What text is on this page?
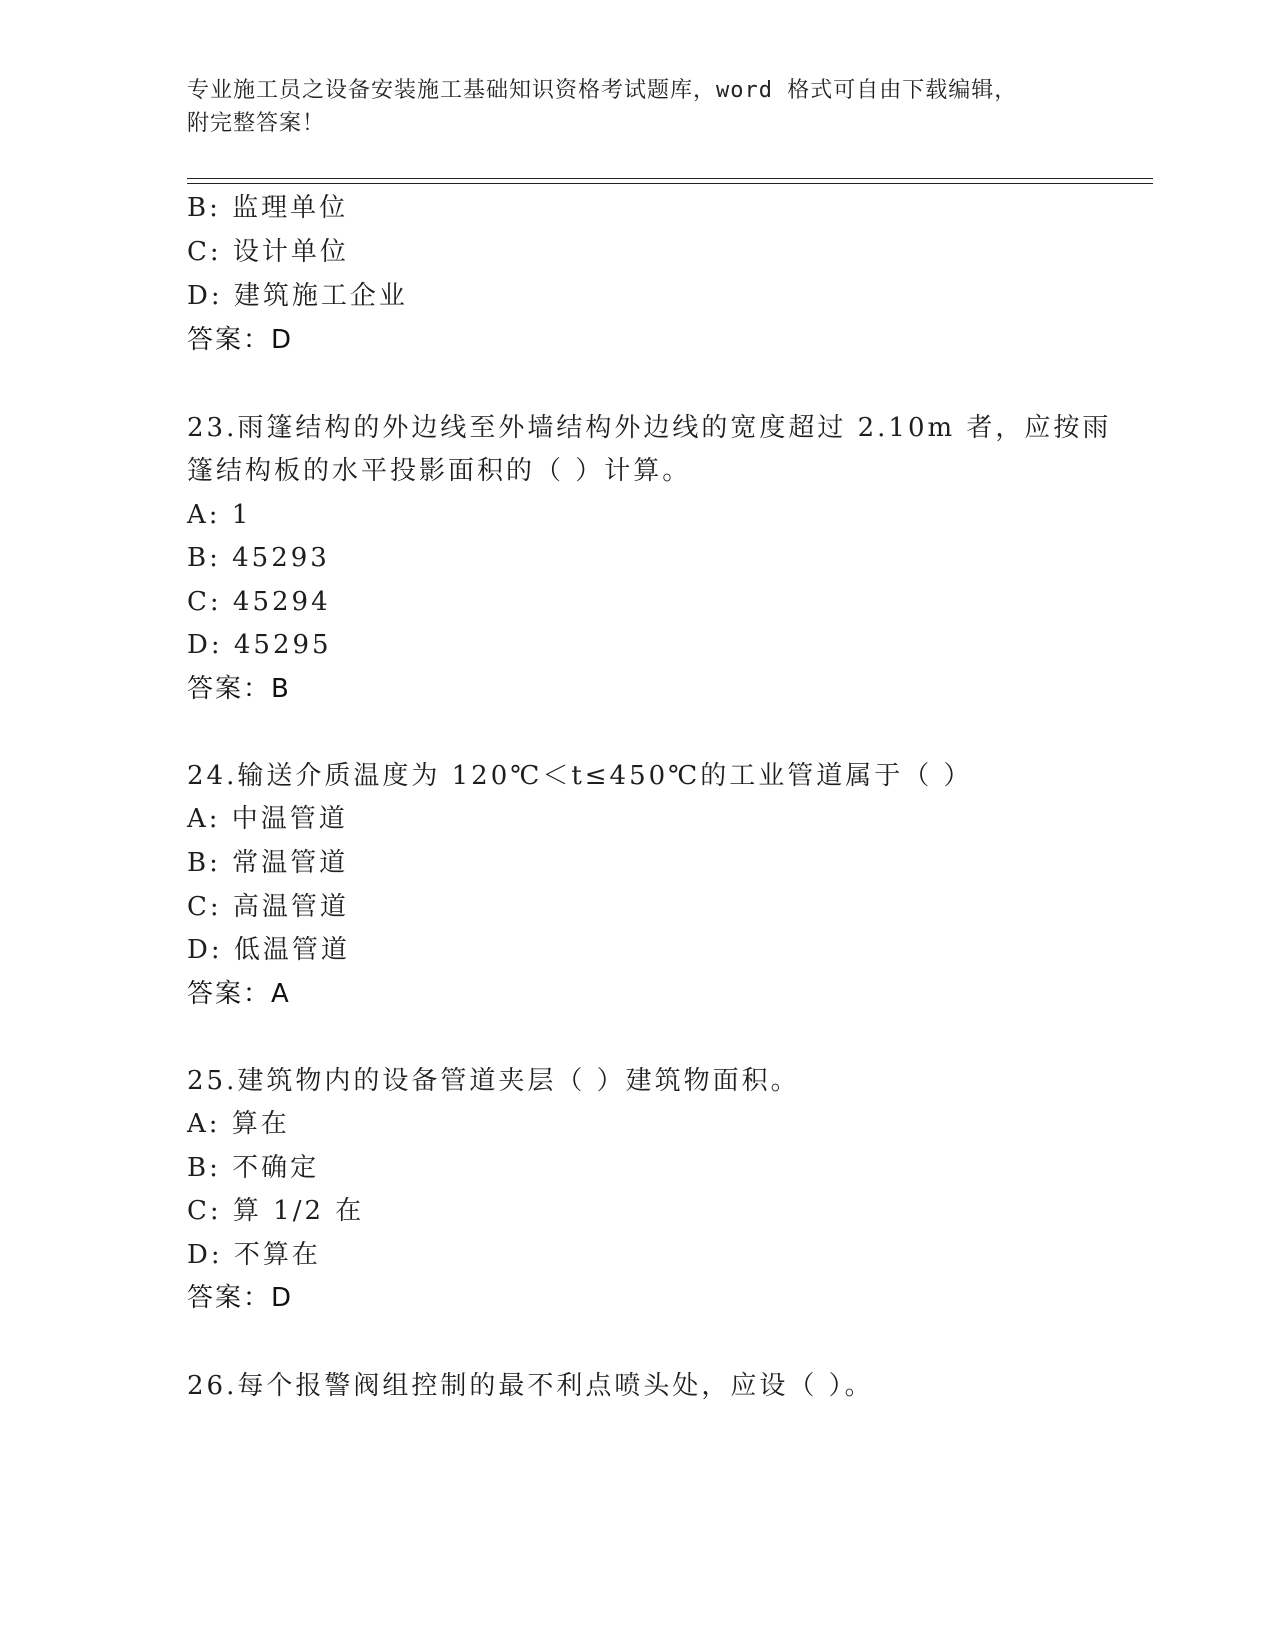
专业施工员之设备安装施工基础知识资格考试题库，word 格式可自由下载编辑，
附完整答案！
B: 监理单位
C: 设计单位
D: 建筑施工企业
答案：D
23.雨篷结构的外边线至外墙结构外边线的宽度超过 2.10m 者，应按雨
篷结构板的水平投影面积的（ ）计算。
A: 1
B: 45293
C: 45294
D: 45295
答案：B
24.输送介质温度为 120℃＜t≤450℃的工业管道属于（ ）
A: 中温管道
B: 常温管道
C: 高温管道
D: 低温管道
答案：A
25.建筑物内的设备管道夹层（ ）建筑物面积。
A: 算在
B: 不确定
C: 算 1/2 在
D: 不算在
答案：D
26.每个报警阀组控制的最不利点喷头处，应设（ ）。
